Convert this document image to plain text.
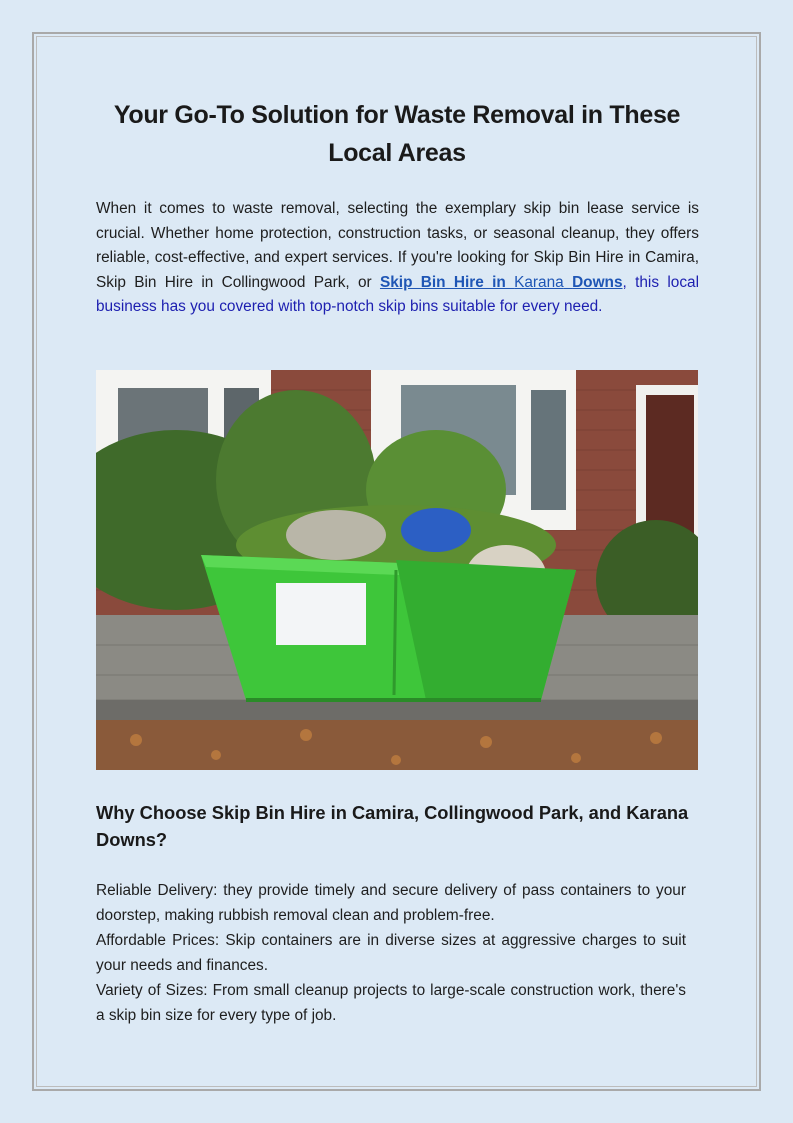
Your Go-To Solution for Waste Removal in These Local Areas

When it comes to waste removal, selecting the exemplary skip bin lease service is crucial. Whether home protection, construction tasks, or seasonal cleanup, they offers reliable, cost-effective, and expert services. If you're looking for Skip Bin Hire in Camira, Skip Bin Hire in Collingwood Park, or Skip Bin Hire in Karana Downs, this local business has you covered with top-notch skip bins suitable for every need.

Why Choose Skip Bin Hire in Camira, Collingwood Park, and Karana Downs?
Reliable Delivery: they provide timely and secure delivery of pass containers to your doorstep, making rubbish removal clean and problem-free.
Affordable Prices: Skip containers are in diverse sizes at aggressive charges to suit your needs and finances.
Variety of Sizes: From small cleanup projects to large-scale construction work, there's a skip bin size for every type of job.
